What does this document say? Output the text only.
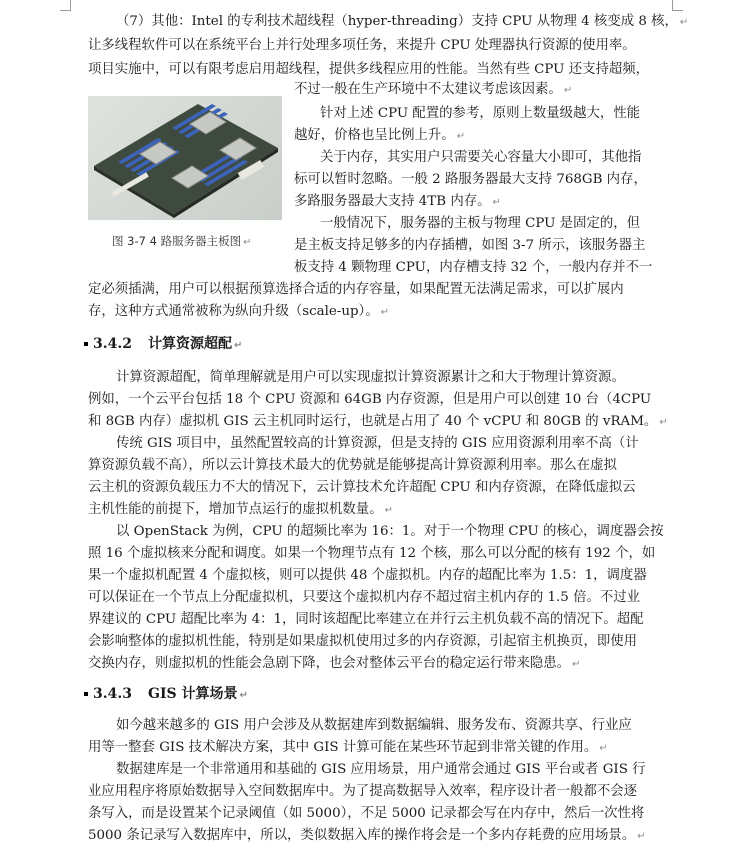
（7）其他：Intel 的专利技术超线程（hyper-threading）支持 CPU 从物理 4 核变成 8 核， ↵
让多线程软件可以在系统平台上并行处理多项任务，来提升 CPU 处理器执行资源的使用率。
项目实施中，可以有限考虑启用超线程，提供多线程应用的性能。当然有些 CPU 还支持超频，
不过一般在生产环境中不太建议考虑该因素。 ↵
针对上述 CPU 配置的参考，原则上数量级越大，性能
越好，价格也呈比例上升。 ↵
关于内存，其实用户只需要关心容量大小即可，其他指
标可以暂时忽略。一般 2 路服务器最大支持 768GB 内存，
多路服务器最大支持 4TB 内存。 ↵
一般情况下，服务器的主板与物理 CPU 是固定的，但
是主板支持足够多的内存插槽，如图 3-7 所示，该服务器主
板支持 4 颗物理 CPU，内存槽支持 32 个，一般内存并不一
定必须插满，用户可以根据预算选择合适的内存容量，如果配置无法满足需求，可以扩展内
存，这种方式通常被称为纵向升级（scale-up）。 ↵
图 3-7 4 路服务器主板图 ↵
3.4.2 计算资源超配 ↵
计算资源超配，简单理解就是用户可以实现虚拟计算资源累计之和大于物理计算资源。
例如，一个云平台包括 18 个 CPU 资源和 64GB 内存资源，但是用户可以创建 10 台（4CPU
和 8GB 内存）虚拟机 GIS 云主机同时运行，也就是占用了 40 个 vCPU 和 80GB 的 vRAM。 ↵
传统 GIS 项目中，虽然配置较高的计算资源，但是支持的 GIS 应用资源利用率不高（计
算资源负载不高），所以云计算技术最大的优势就是能够提高计算资源利用率。那么在虚拟
云主机的资源负载压力不大的情况下，云计算技术允许超配 CPU 和内存资源，在降低虚拟云
主机性能的前提下，增加节点运行的虚拟机数量。 ↵
以 OpenStack 为例，CPU 的超频比率为 16：1。对于一个物理 CPU 的核心，调度器会按
照 16 个虚拟核来分配和调度。如果一个物理节点有 12 个核，那么可以分配的核有 192 个，如
果一个虚拟机配置 4 个虚拟核，则可以提供 48 个虚拟机。内存的超配比率为 1.5：1，调度器
可以保证在一个节点上分配虚拟机，只要这个虚拟机内存不超过宿主机内存的 1.5 倍。不过业
界建议的 CPU 超配比率为 4：1，同时该超配比率建立在并行云主机负载不高的情况下。超配
会影响整体的虚拟机性能，特别是如果虚拟机使用过多的内存资源，引起宿主机换页，即使用
交换内存，则虚拟机的性能会急剧下降，也会对整体云平台的稳定运行带来隐患。 ↵
3.4.3 GIS 计算场景 ↵
如今越来越多的 GIS 用户会涉及从数据建库到数据编辑、服务发布、资源共享、行业应
用等一整套 GIS 技术解决方案，其中 GIS 计算可能在某些环节起到非常关键的作用。 ↵
数据建库是一个非常通用和基础的 GIS 应用场景，用户通常会通过 GIS 平台或者 GIS 行
业应用程序将原始数据导入空间数据库中。为了提高数据导入效率，程序设计者一般都不会逐
条写入，而是设置某个记录阈值（如 5000），不足 5000 记录都会写在内存中，然后一次性将
5000 条记录写入数据库中，所以，类似数据入库的操作将会是一个多内存耗费的应用场景。 ↵
